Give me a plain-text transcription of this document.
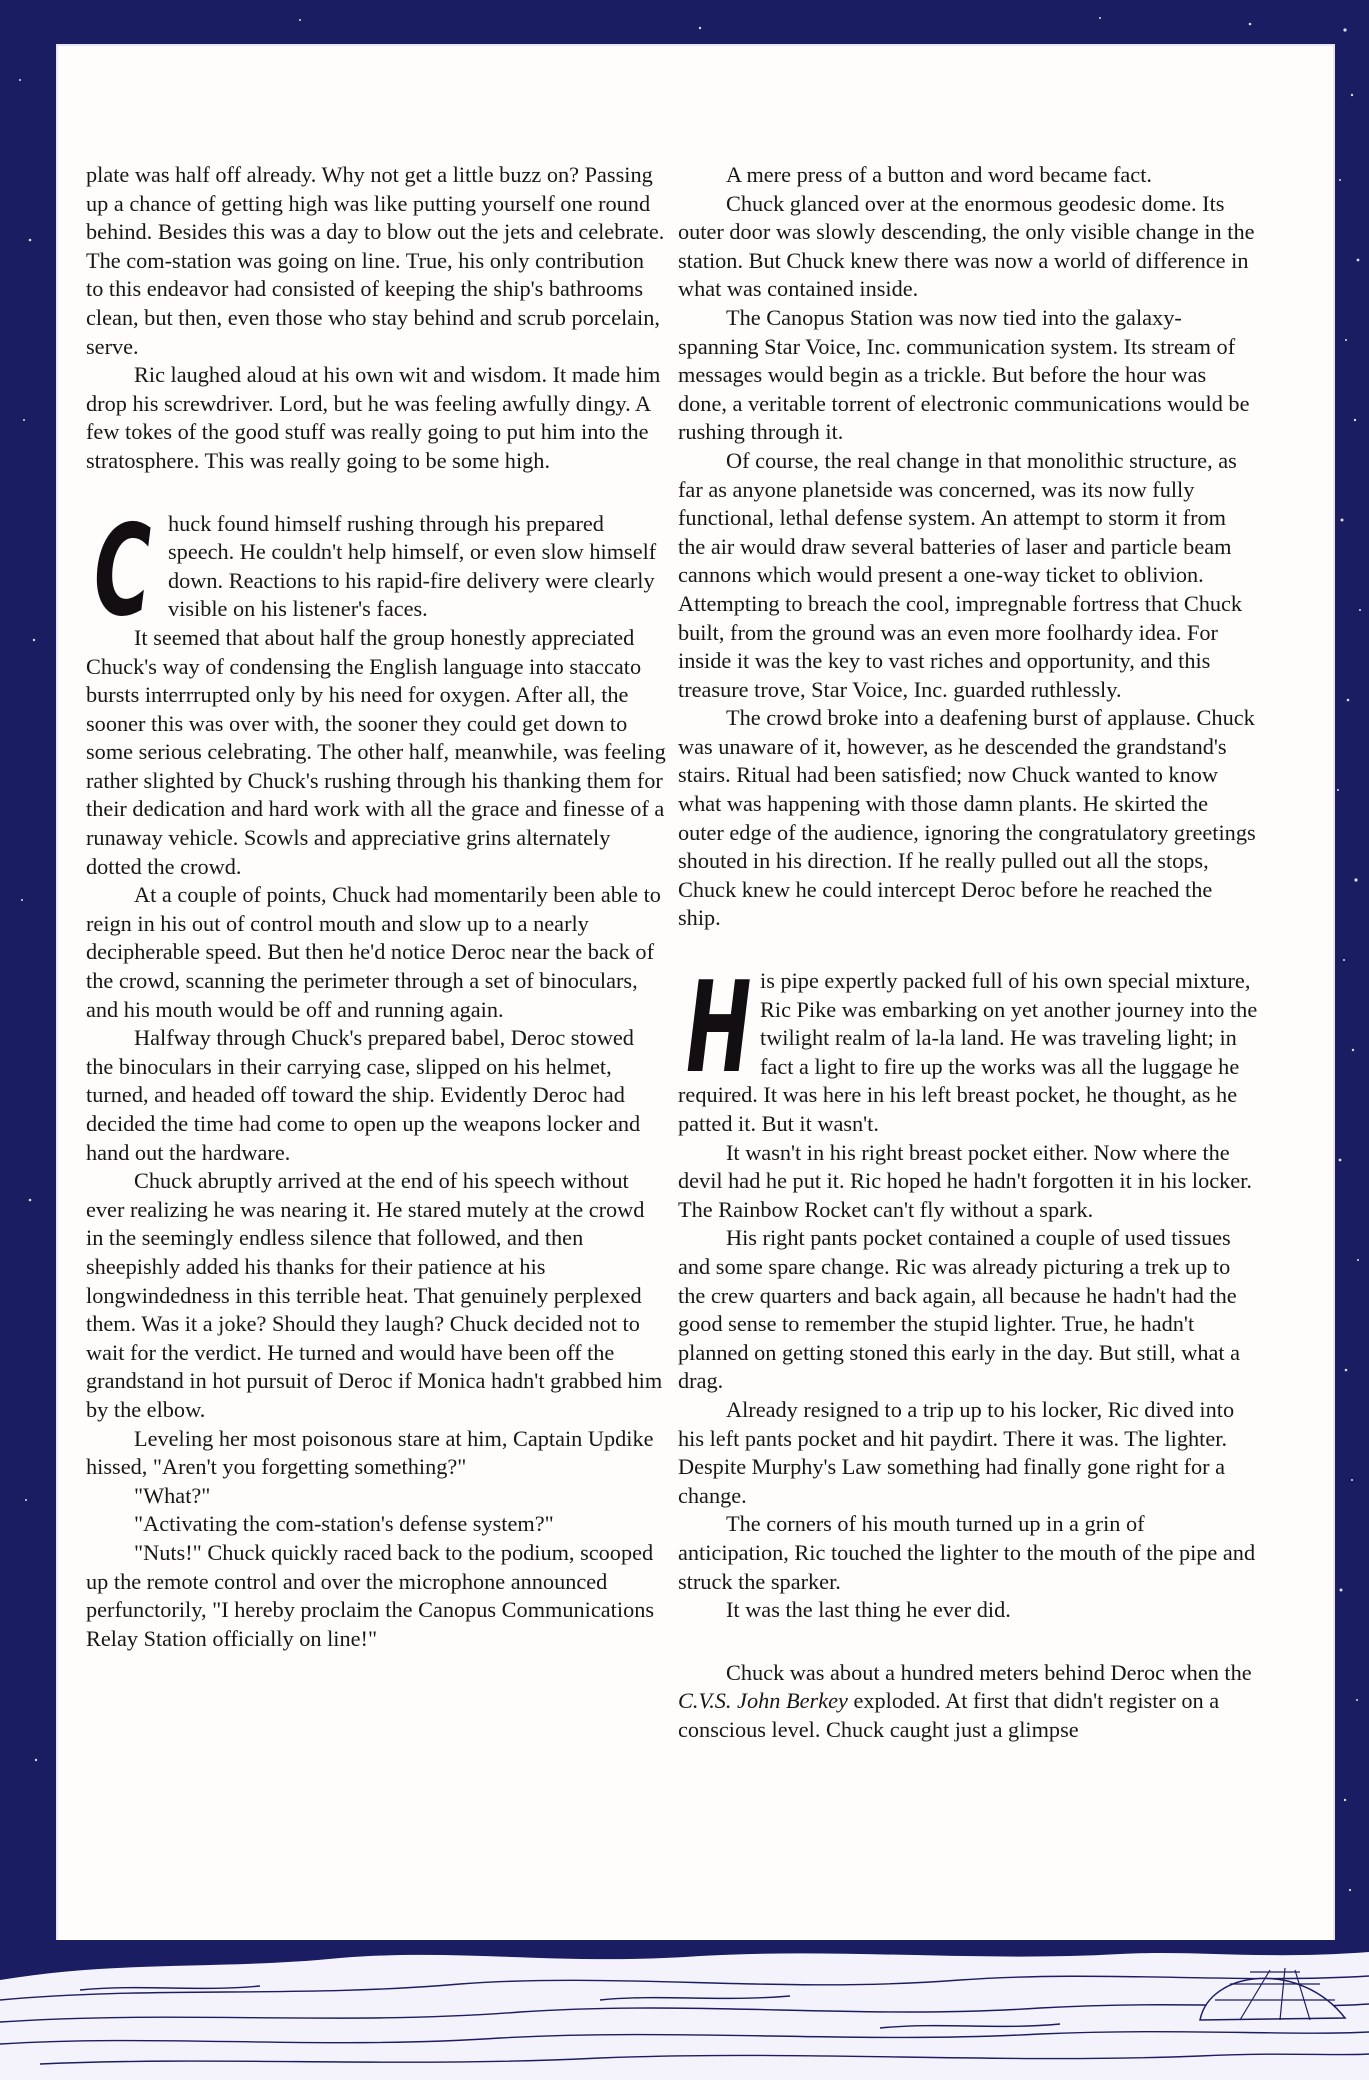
plate was half off already. Why not get a little buzz on? Passing up a chance of getting high was like putting yourself one round behind. Besides this was a day to blow out the jets and celebrate. The com-station was going on line. True, his only contribution to this endeavor had consisted of keeping the ship's bathrooms clean, but then, even those who stay behind and scrub porcelain, serve.

Ric laughed aloud at his own wit and wisdom. It made him drop his screwdriver. Lord, but he was feeling awfully dingy. A few tokes of the good stuff was really going to put him into the stratosphere. This was really going to be some high.

C huck found himself rushing through his prepared speech. He couldn't help himself, or even slow himself down. Reactions to his rapid-fire delivery were clearly visible on his listener's faces.

It seemed that about half the group honestly appreciated Chuck's way of condensing the English language into staccato bursts interrrupted only by his need for oxygen. After all, the sooner this was over with, the sooner they could get down to some serious celebrating. The other half, meanwhile, was feeling rather slighted by Chuck's rushing through his thanking them for their dedication and hard work with all the grace and finesse of a runaway vehicle. Scowls and appreciative grins alternately dotted the crowd.

At a couple of points, Chuck had momentarily been able to reign in his out of control mouth and slow up to a nearly decipherable speed. But then he'd notice Deroc near the back of the crowd, scanning the perimeter through a set of binoculars, and his mouth would be off and running again.

Halfway through Chuck's prepared babel, Deroc stowed the binoculars in their carrying case, slipped on his helmet, turned, and headed off toward the ship. Evidently Deroc had decided the time had come to open up the weapons locker and hand out the hardware.

Chuck abruptly arrived at the end of his speech without ever realizing he was nearing it. He stared mutely at the crowd in the seemingly endless silence that followed, and then sheepishly added his thanks for their patience at his longwindedness in this terrible heat. That genuinely perplexed them. Was it a joke? Should they laugh? Chuck decided not to wait for the verdict. He turned and would have been off the grandstand in hot pursuit of Deroc if Monica hadn't grabbed him by the elbow.

Leveling her most poisonous stare at him, Captain Updike hissed, "Aren't you forgetting something?"

"What?"

"Activating the com-station's defense system?"

"Nuts!" Chuck quickly raced back to the podium, scooped up the remote control and over the microphone announced perfunctorily, "I hereby proclaim the Canopus Communications Relay Station officially on line!"

A mere press of a button and word became fact.

Chuck glanced over at the enormous geodesic dome. Its outer door was slowly descending, the only visible change in the station. But Chuck knew there was now a world of difference in what was contained inside.

The Canopus Station was now tied into the galaxy-spanning Star Voice, Inc. communication system. Its stream of messages would begin as a trickle. But before the hour was done, a veritable torrent of electronic communications would be rushing through it.

Of course, the real change in that monolithic structure, as far as anyone planetside was concerned, was its now fully functional, lethal defense system. An attempt to storm it from the air would draw several batteries of laser and particle beam cannons which would present a one-way ticket to oblivion. Attempting to breach the cool, impregnable fortress that Chuck built, from the ground was an even more foolhardy idea. For inside it was the key to vast riches and opportunity, and this treasure trove, Star Voice, Inc. guarded ruthlessly.

The crowd broke into a deafening burst of applause. Chuck was unaware of it, however, as he descended the grandstand's stairs. Ritual had been satisfied; now Chuck wanted to know what was happening with those damn plants. He skirted the outer edge of the audience, ignoring the congratulatory greetings shouted in his direction. If he really pulled out all the stops, Chuck knew he could intercept Deroc before he reached the ship.

H is pipe expertly packed full of his own special mixture, Ric Pike was embarking on yet another journey into the twilight realm of la-la land. He was traveling light; in fact a light to fire up the works was all the luggage he required. It was here in his left breast pocket, he thought, as he patted it. But it wasn't.

It wasn't in his right breast pocket either. Now where the devil had he put it. Ric hoped he hadn't forgotten it in his locker. The Rainbow Rocket can't fly without a spark.

His right pants pocket contained a couple of used tissues and some spare change. Ric was already picturing a trek up to the crew quarters and back again, all because he hadn't had the good sense to remember the stupid lighter. True, he hadn't planned on getting stoned this early in the day. But still, what a drag.

Already resigned to a trip up to his locker, Ric dived into his left pants pocket and hit paydirt. There it was. The lighter. Despite Murphy's Law something had finally gone right for a change.

The corners of his mouth turned up in a grin of anticipation, Ric touched the lighter to the mouth of the pipe and struck the sparker.

It was the last thing he ever did.

Chuck was about a hundred meters behind Deroc when the C.V.S. John Berkey exploded. At first that didn't register on a conscious level. Chuck caught just a glimpse
